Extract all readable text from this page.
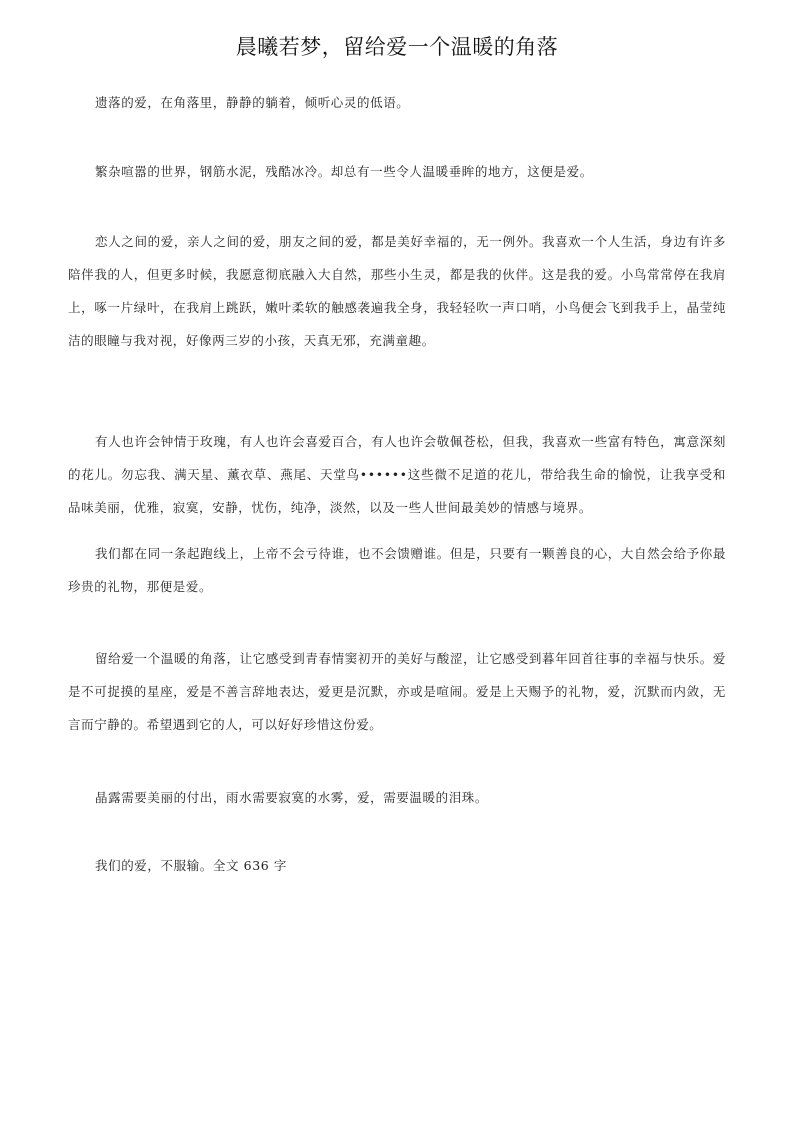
晨曦若梦，留给爱一个温暖的角落

遗落的爱，在角落里，静静的躺着，倾听心灵的低语。

繁杂喧嚣的世界，钢筋水泥，残酷冰冷。却总有一些令人温暖垂眸的地方，这便是爱。

恋人之间的爱，亲人之间的爱，朋友之间的爱，都是美好幸福的，无一例外。我喜欢一个人生活，身边有许多陪伴我的人，但更多时候，我愿意彻底融入大自然，那些小生灵，都是我的伙伴。这是我的爱。小鸟常常停在我肩上，啄一片绿叶，在我肩上跳跃，嫩叶柔软的触感袭遍我全身，我轻轻吹一声口哨，小鸟便会飞到我手上，晶莹纯洁的眼瞳与我对视，好像两三岁的小孩，天真无邪，充满童趣。

有人也许会钟情于玫瑰，有人也许会喜爱百合，有人也许会敬佩苍松，但我，我喜欢一些富有特色，寓意深刻的花儿。勿忘我、满天星、薰衣草、燕尾、天堂鸟••••••这些微不足道的花儿，带给我生命的愉悦，让我享受和品味美丽，优雅，寂寞，安静，忧伤，纯净，淡然，以及一些人世间最美妙的情感与境界。

我们都在同一条起跑线上，上帝不会亏待谁，也不会馈赠谁。但是，只要有一颗善良的心，大自然会给予你最珍贵的礼物，那便是爱。

留给爱一个温暖的角落，让它感受到青春情窦初开的美好与酸涩，让它感受到暮年回首往事的幸福与快乐。爱是不可捉摸的星座，爱是不善言辞地表达，爱更是沉默，亦或是喧闹。爱是上天赐予的礼物，爱，沉默而内敛，无言而宁静的。希望遇到它的人，可以好好珍惜这份爱。

晶露需要美丽的付出，雨水需要寂寞的水雾，爱，需要温暖的泪珠。

我们的爱，不服输。全文 636 字
